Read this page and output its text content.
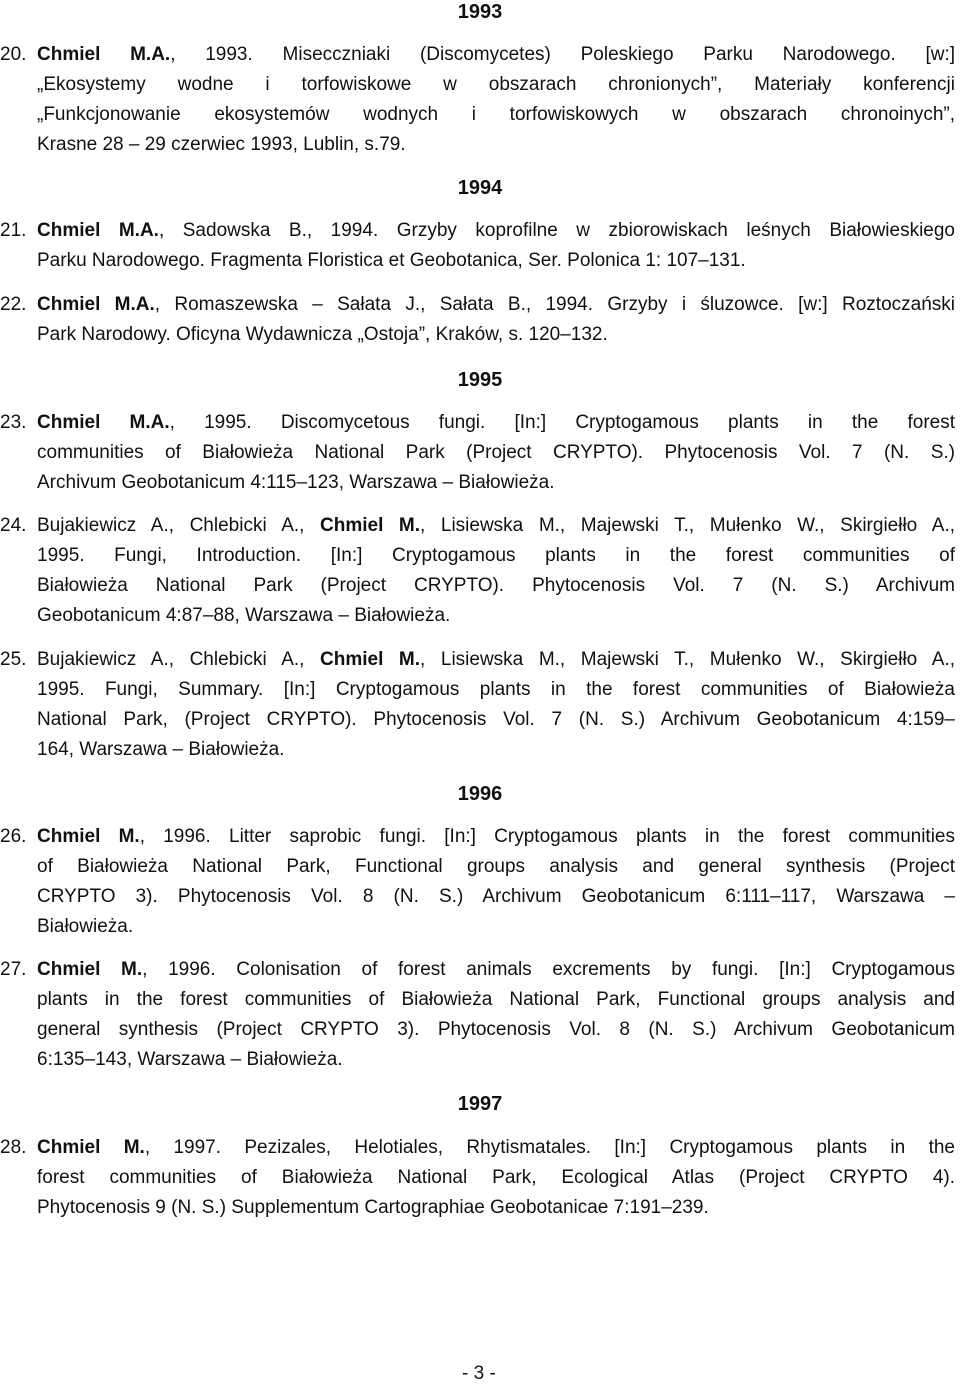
1993
20. Chmiel M.A., 1993. Misecczniaki (Discomycetes) Poleskiego Parku Narodowego. [w:]
„Ekosystemy wodne i torfowiskowe w obszarach chronionych”, Materiały konferencji
„Funkcjonowanie ekosystemów wodnych i torfowiskowych w obszarach chronoinych”,
Krasne 28 – 29 czerwiec 1993, Lublin, s.79.
1994
21. Chmiel M.A., Sadowska B., 1994. Grzyby koprofilne w zbiorowiskach leśnych Białowieskiego
Parku Narodowego. Fragmenta Floristica et Geobotanica, Ser. Polonica 1: 107–131.
22. Chmiel M.A., Romaszewska – Sałata J., Sałata B., 1994. Grzyby i śluzowce. [w:] Roztoczański
Park Narodowy. Oficyna Wydawnicza „Ostoja”, Kraków, s. 120–132.
1995
23. Chmiel M.A., 1995. Discomycetous fungi. [In:] Cryptogamous plants in the forest
communities of Białowieża National Park (Project CRYPTO). Phytocenosis Vol. 7 (N. S.)
Archivum Geobotanicum 4:115–123, Warszawa – Białowieża.
24. Bujakiewicz A., Chlebicki A., Chmiel M., Lisiewska M., Majewski T., Mułenko W., Skirgiełło A.,
1995. Fungi, Introduction. [In:] Cryptogamous plants in the forest communities of
Białowieża National Park (Project CRYPTO). Phytocenosis Vol. 7 (N. S.) Archivum
Geobotanicum 4:87–88, Warszawa – Białowieża.
25. Bujakiewicz A., Chlebicki A., Chmiel M., Lisiewska M., Majewski T., Mułenko W., Skirgiełło A.,
1995. Fungi, Summary. [In:] Cryptogamous plants in the forest communities of Białowieża
National Park, (Project CRYPTO). Phytocenosis Vol. 7 (N. S.) Archivum Geobotanicum 4:159–
164, Warszawa – Białowieża.
1996
26. Chmiel M., 1996. Litter saprobic fungi. [In:] Cryptogamous plants in the forest communities
of Białowieża National Park, Functional groups analysis and general synthesis (Project
CRYPTO 3). Phytocenosis Vol. 8 (N. S.) Archivum Geobotanicum 6:111–117, Warszawa –
Białowieża.
27. Chmiel M., 1996. Colonisation of forest animals excrements by fungi. [In:] Cryptogamous
plants in the forest communities of Białowieża National Park, Functional groups analysis and
general synthesis (Project CRYPTO 3). Phytocenosis Vol. 8 (N. S.) Archivum Geobotanicum
6:135–143, Warszawa – Białowieża.
1997
28. Chmiel M., 1997. Pezizales, Helotiales, Rhytismatales. [In:] Cryptogamous plants in the
forest communities of Białowieża National Park, Ecological Atlas (Project CRYPTO 4).
Phytocenosis 9 (N. S.) Supplementum Cartographiae Geobotanicae 7:191–239.
- 3 -
